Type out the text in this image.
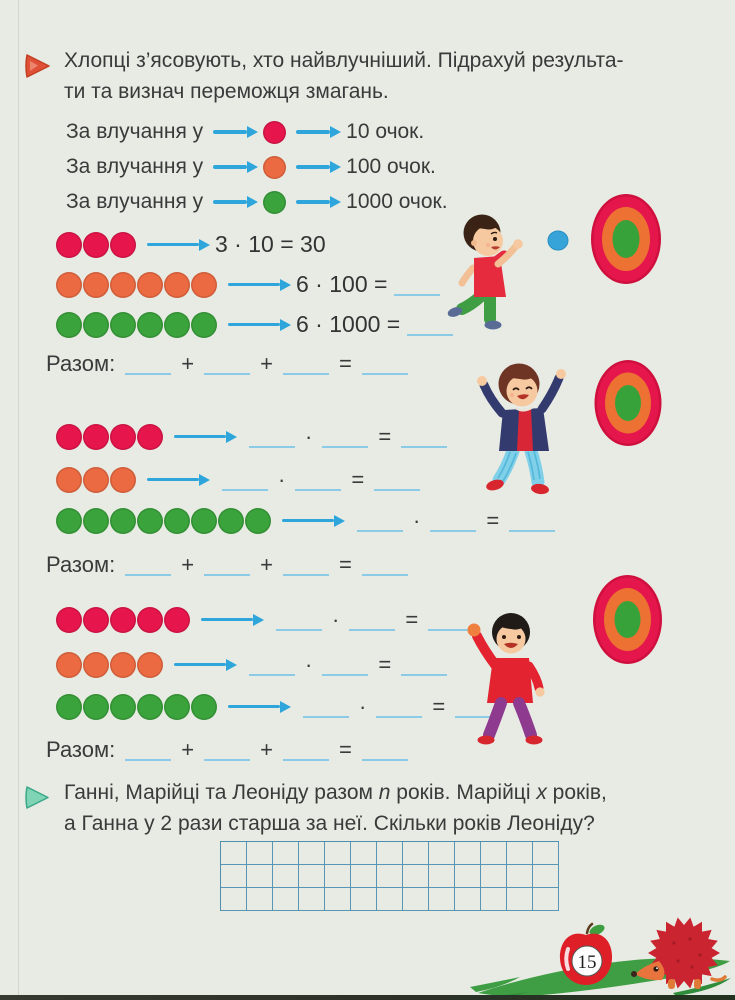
Хлопці з’ясовують, хто найвлучніший. Підрахуй результа-
ти та визнач переможця змагань.
За влучання у	10 очок.
За влучання у	100 очок.
За влучання у	1000 очок.
3 · 10 = 30
6 · 100 =
6 · 1000 =
Разом:	+	+	=
·	=
·	=
·	=
Разом:	+	+	=
·	=
·	=
·	=
Разом:	+	+	=
Ганні, Марійці та Леоніду разом n років. Марійці x років,
а Ганна у 2 рази старша за неї. Скільки років Леоніду?
15
